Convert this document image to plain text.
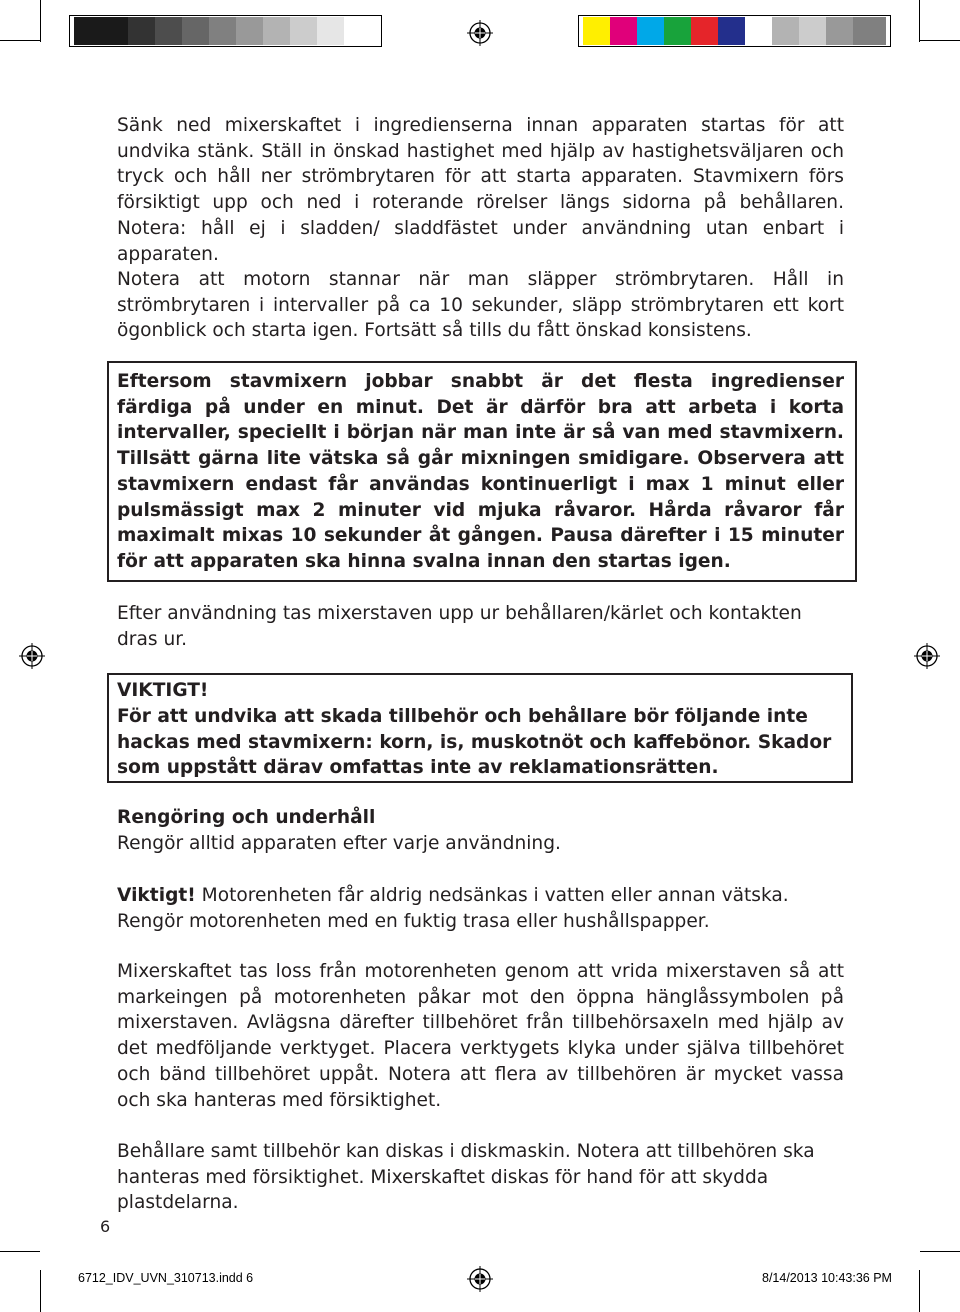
Sänk ned mixerskaftet i ingredienserna innan apparaten startas för att undvika stänk. Ställ in önskad hastighet med hjälp av hastighetsväljaren och tryck och håll ner strömbrytaren för att starta apparaten. Stavmixern förs försiktigt upp och ned i roterande rörelser längs sidorna på behållaren. Notera: håll ej i sladden/ sladdfästet under användning utan enbart i apparaten.

Notera att motorn stannar när man släpper strömbrytaren. Håll in strömbrytaren i intervaller på ca 10 sekunder, släpp strömbrytaren ett kort ögonblick och starta igen. Fortsätt så tills du fått önskad konsistens.

Eftersom stavmixern jobbar snabbt är det flesta ingredienser färdiga på under en minut. Det är därför bra att arbeta i korta intervaller, speciellt i början när man inte är så van med stavmixern. Tillsätt gärna lite vätska så går mixningen smidigare. Observera att stavmixern endast får användas kontinuerligt i max 1 minut eller pulsmässigt max 2 minuter vid mjuka råvaror. Hårda råvaror får maximalt mixas 10 sekunder åt gången. Pausa därefter i 15 minuter för att apparaten ska hinna svalna innan den startas igen.

Efter användning tas mixerstaven upp ur behållaren/kärlet och kontakten dras ur.

VIKTIGT!

För att undvika att skada tillbehör och behållare bör följande inte hackas med stavmixern: korn, is, muskotnöt och kaffebönor. Skador som uppstått därav omfattas inte av reklamationsrätten.

Rengöring och underhåll

Rengör alltid apparaten efter varje användning.

Viktigt! Motorenheten får aldrig nedsänkas i vatten eller annan vätska. Rengör motorenheten med en fuktig trasa eller hushållspapper.

Mixerskaftet tas loss från motorenheten genom att vrida mixerstaven så att markeingen på motorenheten påkar mot den öppna hänglåssymbolen på mixerstaven. Avlägsna därefter tillbehöret från tillbehörsaxeln med hjälp av det medföljande verktyget. Placera verktygets klyka under själva tillbehöret och bänd tillbehöret uppåt. Notera att flera av tillbehören är mycket vassa och ska hanteras med försiktighet.

Behållare samt tillbehör kan diskas i diskmaskin. Notera att tillbehören ska hanteras med försiktighet. Mixerskaftet diskas för hand för att skydda plastdelarna.

6
6712_IDV_UVN_310713.indd 6	8/14/2013 10:43:36 PM
